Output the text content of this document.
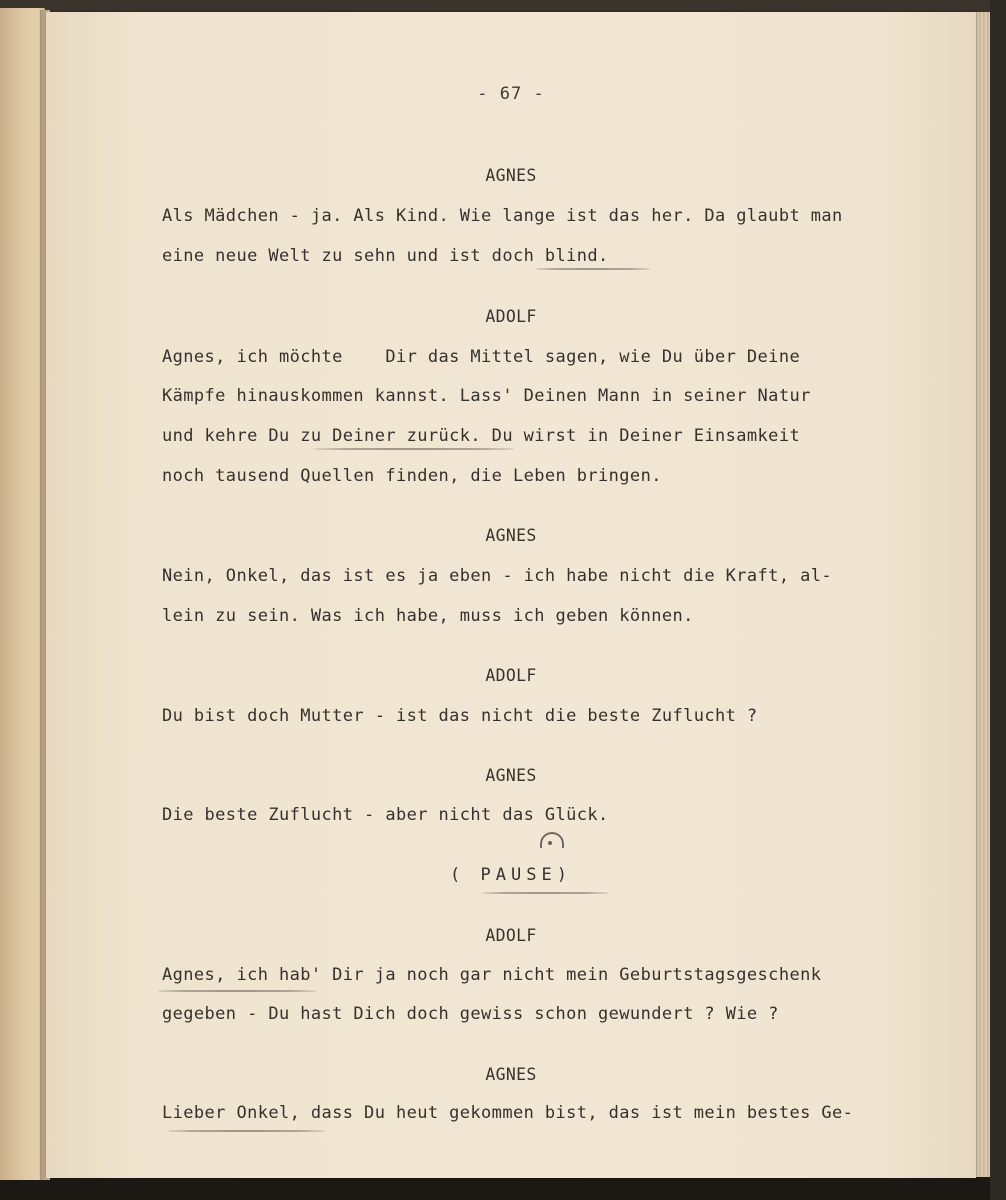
- 67 -
AGNES
Als Mädchen - ja. Als Kind. Wie lange ist das her. Da glaubt man
eine neue Welt zu sehn und ist doch blind.
ADOLF
Agnes, ich möchte    Dir das Mittel sagen, wie Du über Deine
Kämpfe hinauskommen kannst. Lass' Deinen Mann in seiner Natur
und kehre Du zu Deiner zurück. Du wirst in Deiner Einsamkeit
noch tausend Quellen finden, die Leben bringen.
AGNES
Nein, Onkel, das ist es ja eben - ich habe nicht die Kraft, al-
lein zu sein. Was ich habe, muss ich geben können.
ADOLF
Du bist doch Mutter - ist das nicht die beste Zuflucht ?
AGNES
Die beste Zuflucht - aber nicht das Glück.
( PAUSE)
ADOLF
Agnes, ich hab' Dir ja noch gar nicht mein Geburtstagsgeschenk
gegeben - Du hast Dich doch gewiss schon gewundert ? Wie ?
AGNES
Lieber Onkel, dass Du heut gekommen bist, das ist mein bestes Ge-
